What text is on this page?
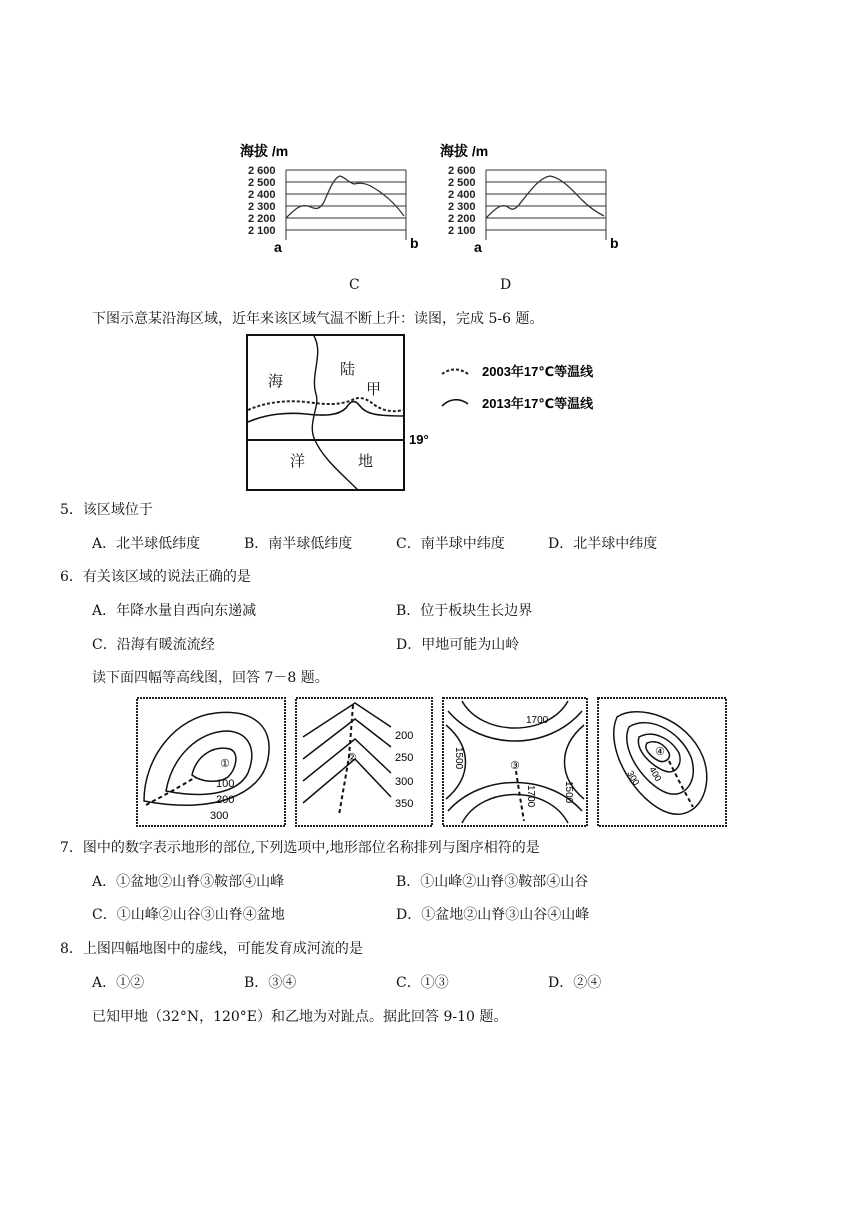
海拔 /m
2 600
2 500
2 400
2 300
2 200
2 100
a	b
海拔 /m
2 600
2 500
2 400
2 300
2 200
2 100
a	b
C	D
下图示意某沿海区域，近年来该区域气温不断上升：读图，完成 5-6 题。
海
陆
甲
洋	地
19°
2003年17℃等温线
2013年17℃等温线
5．该区域位于
A．北半球低纬度	B．南半球低纬度	C．南半球中纬度	D．北半球中纬度
6．有关该区域的说法正确的是
A．年降水量自西向东递减	B．位于板块生长边界
C．沿海有暖流流经	D．甲地可能为山岭
读下面四幅等高线图，回答 7－8 题。
①
100
200
300
②
200
250
300
350
③
1700
1500
1700	1500
④
400
300
7．图中的数字表示地形的部位,下列选项中,地形部位名称排列与图序相符的是
A．①盆地②山脊③鞍部④山峰	B．①山峰②山脊③鞍部④山谷
C．①山峰②山谷③山脊④盆地	D．①盆地②山脊③山谷④山峰
8．上图四幅地图中的虚线，可能发育成河流的是
A．①②	B．③④	C．①③	D．②④
已知甲地（32°N，120°E）和乙地为对趾点。据此回答 9-10 题。
